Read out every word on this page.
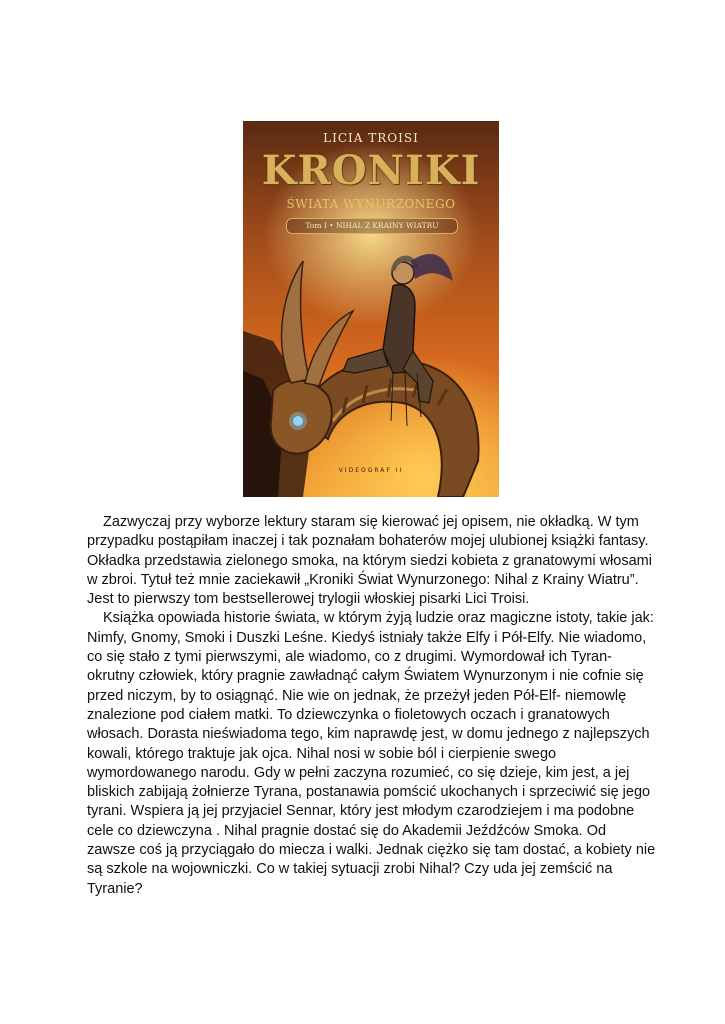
LICIA TROISI
KRONIKI
ŚWIATA WYNURZONEGO
Tom I • NIHAL Z KRAINY WIATRU
VIDEOGRAF II

Zazwyczaj przy wyborze lektury staram się kierować jej opisem, nie okładką. W tym przypadku postąpiłam inaczej i tak poznałam bohaterów mojej ulubionej książki fantasy. Okładka przedstawia zielonego smoka, na którym siedzi kobieta z granatowymi włosami w zbroi. Tytuł też mnie zaciekawił „Kroniki Świat Wynurzonego: Nihal z Krainy Wiatru”. Jest to pierwszy tom bestsellerowej trylogii włoskiej pisarki Lici Troisi.

Książka opowiada historie świata, w którym żyją ludzie oraz magiczne istoty, takie jak: Nimfy, Gnomy, Smoki i Duszki Leśne. Kiedyś istniały także Elfy i Pół-Elfy. Nie wiadomo, co się stało z tymi pierwszymi, ale wiadomo, co z drugimi. Wymordował ich Tyran- okrutny człowiek, który pragnie zawładnąć całym Światem Wynurzonym i nie cofnie się przed niczym, by to osiągnąć. Nie wie on jednak, że przeżył jeden Pół-Elf- niemowlę znalezione pod ciałem matki. To dziewczynka o fioletowych oczach i granatowych włosach. Dorasta nieświadoma tego, kim naprawdę jest, w domu jednego z najlepszych kowali, którego traktuje jak ojca. Nihal nosi w sobie ból i cierpienie swego wymordowanego narodu. Gdy w pełni zaczyna rozumieć, co się dzieje, kim jest, a jej bliskich zabijają żołnierze Tyrana, postanawia pomścić ukochanych i sprzeciwić się jego tyrani. Wspiera ją jej przyjaciel Sennar, który jest młodym czarodziejem i ma podobne cele co dziewczyna . Nihal pragnie dostać się do Akademii Jeźdźców Smoka. Od zawsze coś ją przyciągało do miecza i walki. Jednak ciężko się tam dostać, a kobiety nie są szkole na wojowniczki. Co w takiej sytuacji zrobi Nihal? Czy uda jej zemścić na Tyranie?
